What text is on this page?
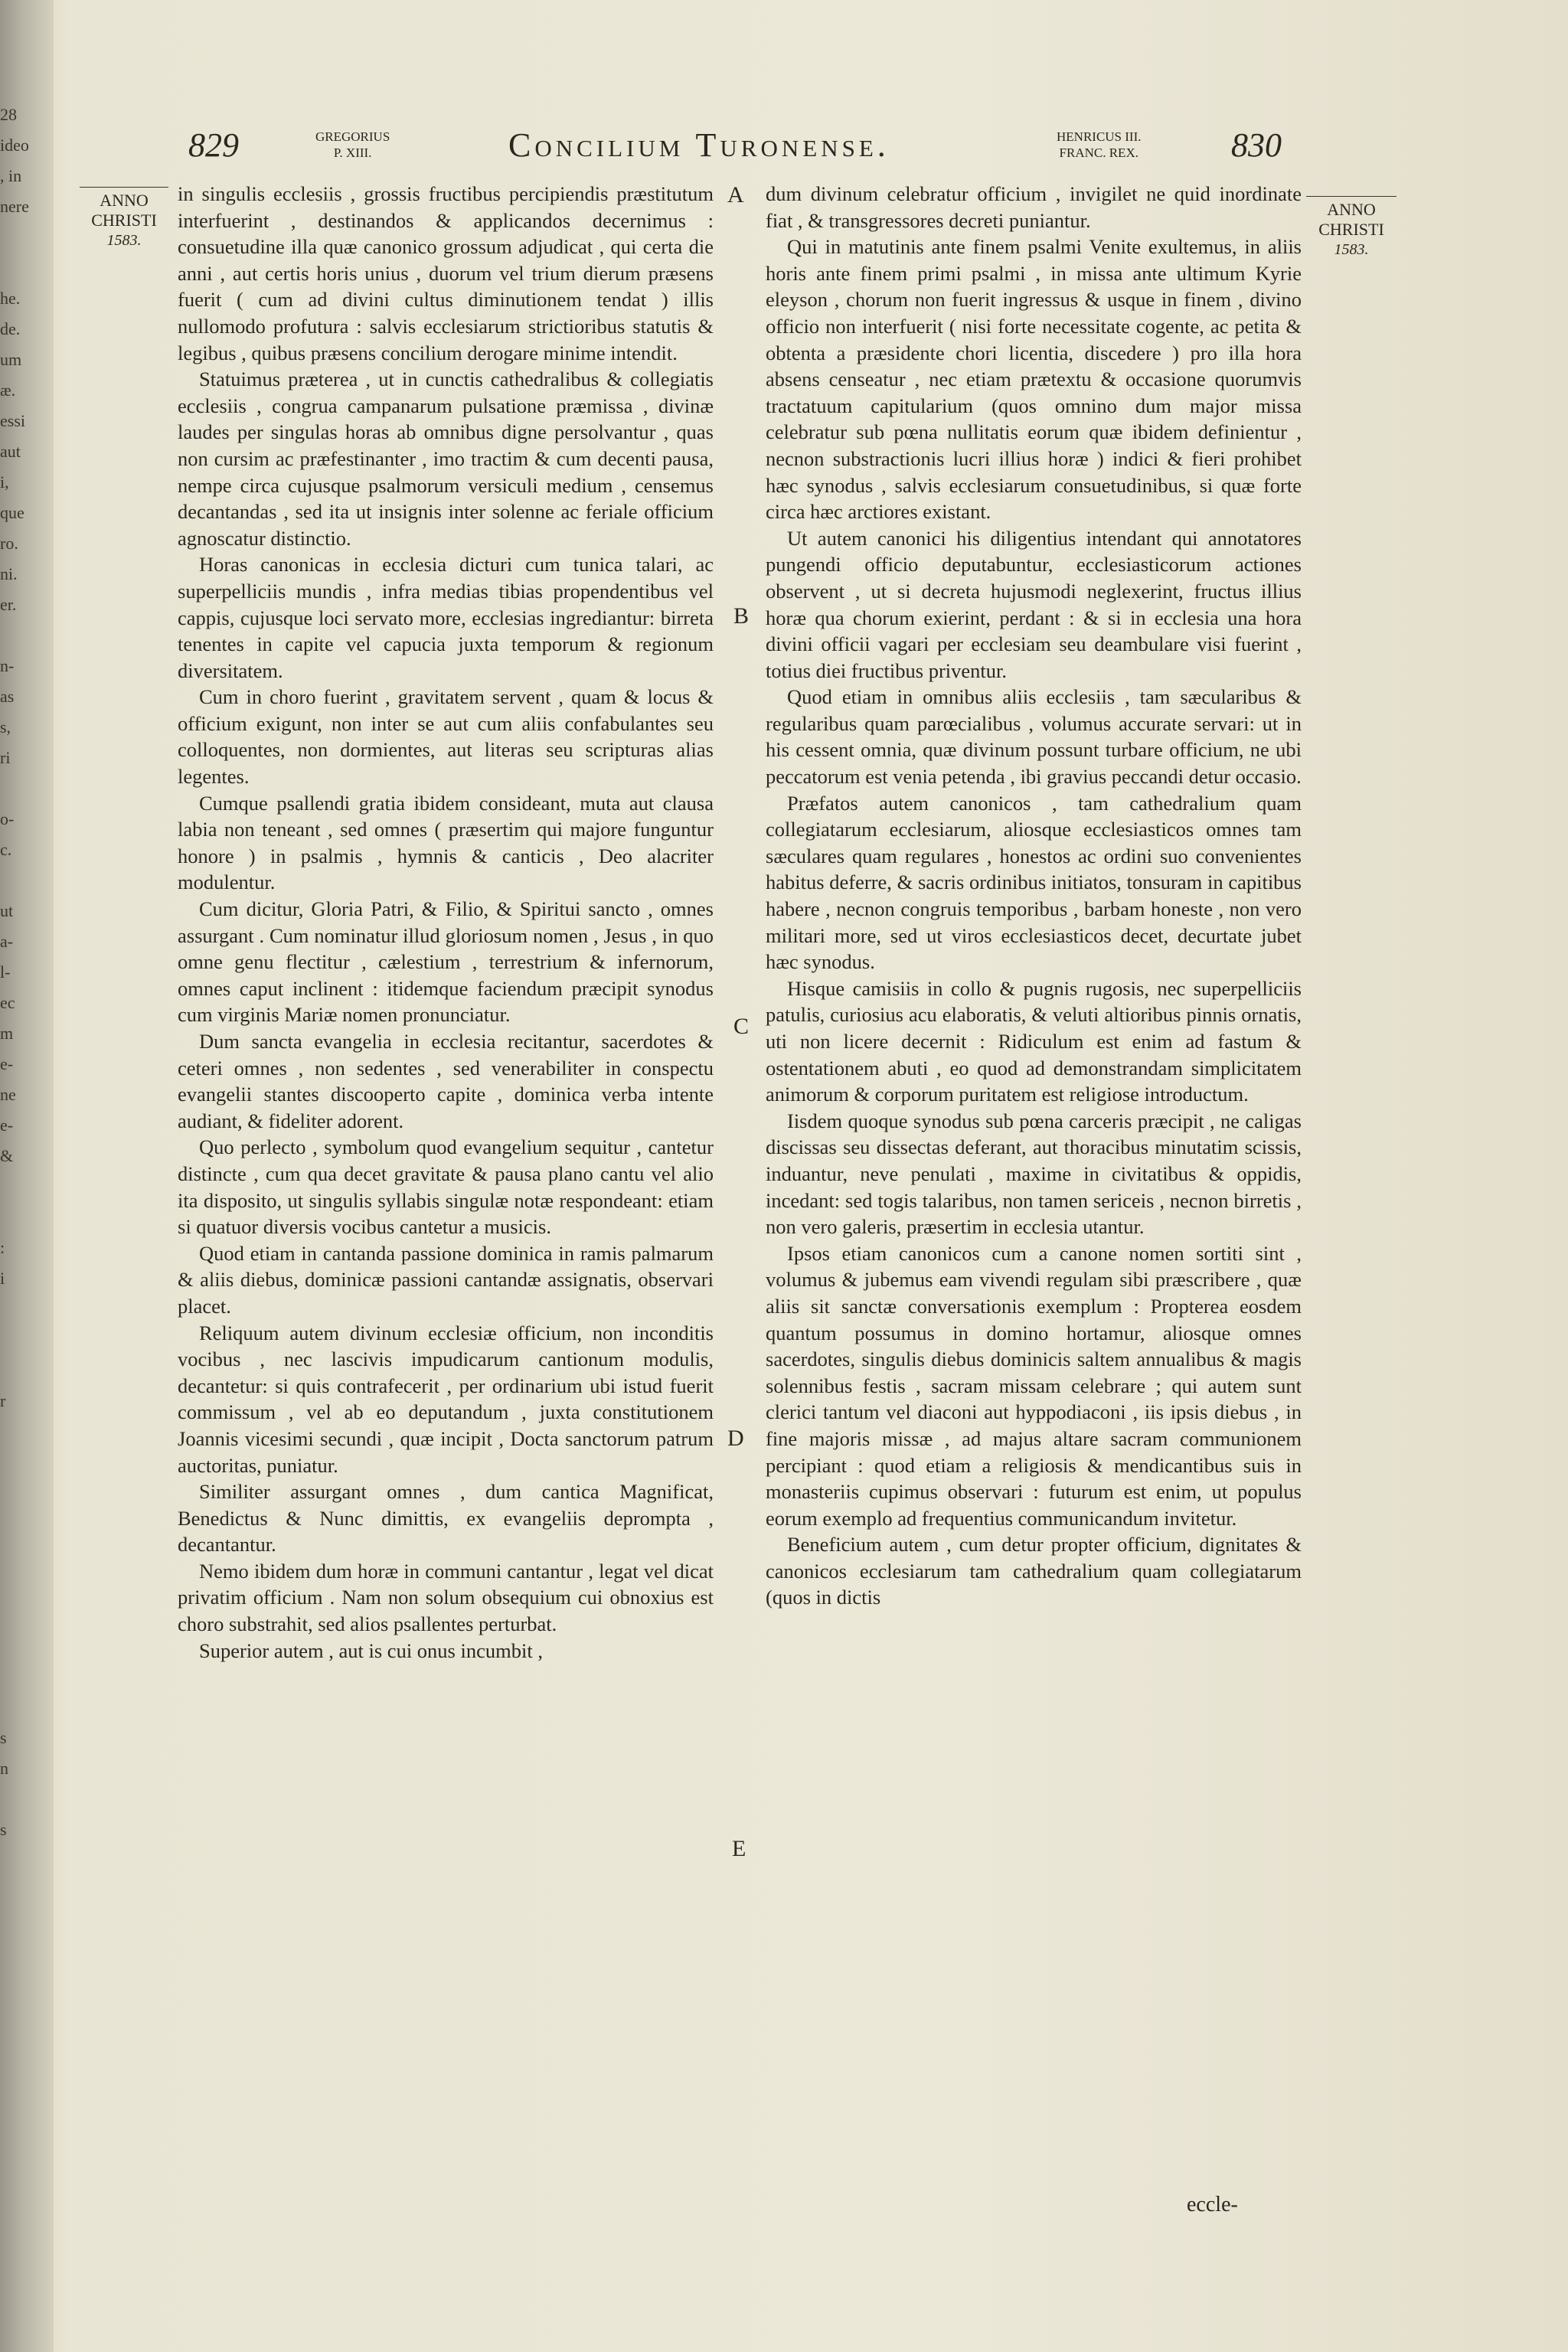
28
ideo
, in
nere

he.
de.
um
æ.
essi
aut
i,
que
ro.
ni.
er.

n-
as
s,
ri

o-
c.

ut
a-
l-
ec
m
e-
ne
e-
&

:
i

r

s
n

s
829	GREGORIUS
P. XIII.	Concilium Turonense.	HENRICUS III.
FRANC. REX.	830
ANNO
CHRISTI
1583.
ANNO
CHRISTI
1583.

in singulis ecclesiis , grossis fructibus percipiendis præstitutum interfuerint , destinandos & applicandos decernimus : consuetudine illa quæ canonico grossum adjudicat , qui certa die anni , aut certis horis unius , duorum vel trium dierum præsens fuerit ( cum ad divini cultus diminutionem tendat ) illis nullomodo profutura : salvis ecclesiarum strictioribus statutis & legibus , quibus præsens concilium derogare minime intendit.

Statuimus præterea , ut in cunctis cathedralibus & collegiatis ecclesiis , congrua campanarum pulsatione præmissa , divinæ laudes per singulas horas ab omnibus digne persolvantur , quas non cursim ac præfestinanter , imo tractim & cum decenti pausa, nempe circa cujusque psalmorum versiculi medium , censemus decantandas , sed ita ut insignis inter solenne ac feriale officium agnoscatur distinctio.

Horas canonicas in ecclesia dicturi cum tunica talari, ac superpelliciis mundis , infra medias tibias propendentibus vel cappis, cujusque loci servato more, ecclesias ingrediantur: birreta tenentes in capite vel capucia juxta temporum & regionum diversitatem.

Cum in choro fuerint , gravitatem servent , quam & locus & officium exigunt, non inter se aut cum aliis confabulantes seu colloquentes, non dormientes, aut literas seu scripturas alias legentes.

Cumque psallendi gratia ibidem consideant, muta aut clausa labia non teneant , sed omnes ( præsertim qui majore funguntur honore ) in psalmis , hymnis & canticis , Deo alacriter modulentur.

Cum dicitur, Gloria Patri, & Filio, & Spiritui sancto , omnes assurgant . Cum nominatur illud gloriosum nomen , Jesus , in quo omne genu flectitur , cælestium , terrestrium & infernorum, omnes caput inclinent : itidemque faciendum præcipit synodus cum virginis Mariæ nomen pronunciatur.

Dum sancta evangelia in ecclesia recitantur, sacerdotes & ceteri omnes , non sedentes , sed venerabiliter in conspectu evangelii stantes discooperto capite , dominica verba intente audiant, & fideliter adorent.

Quo perlecto , symbolum quod evangelium sequitur , cantetur distincte , cum qua decet gravitate & pausa plano cantu vel alio ita disposito, ut singulis syllabis singulæ notæ respondeant: etiam si quatuor diversis vocibus cantetur a musicis.

Quod etiam in cantanda passione dominica in ramis palmarum & aliis diebus, dominicæ passioni cantandæ assignatis, observari placet.

Reliquum autem divinum ecclesiæ officium, non inconditis vocibus , nec lascivis impudicarum cantionum modulis, decantetur: si quis contrafecerit , per ordinarium ubi istud fuerit commissum , vel ab eo deputandum , juxta constitutionem Joannis vicesimi secundi , quæ incipit , Docta sanctorum patrum auctoritas, puniatur.

Similiter assurgant omnes , dum cantica Magnificat, Benedictus & Nunc dimittis, ex evangeliis deprompta , decantantur.

Nemo ibidem dum horæ in communi cantantur , legat vel dicat privatim officium . Nam non solum obsequium cui obnoxius est choro substrahit, sed alios psallentes perturbat.

Superior autem , aut is cui onus incumbit ,

dum divinum celebratur officium , invigilet ne quid inordinate fiat , & transgressores decreti puniantur.

Qui in matutinis ante finem psalmi Venite exultemus, in aliis horis ante finem primi psalmi , in missa ante ultimum Kyrie eleyson , chorum non fuerit ingressus & usque in finem , divino officio non interfuerit ( nisi forte necessitate cogente, ac petita & obtenta a præsidente chori licentia, discedere ) pro illa hora absens censeatur , nec etiam prætextu & occasione quorumvis tractatuum capitularium (quos omnino dum major missa celebratur sub pœna nullitatis eorum quæ ibidem definientur , necnon substractionis lucri illius horæ ) indici & fieri prohibet hæc synodus , salvis ecclesiarum consuetudinibus, si quæ forte circa hæc arctiores existant.

Ut autem canonici his diligentius intendant qui annotatores pungendi officio deputabuntur, ecclesiasticorum actiones observent , ut si decreta hujusmodi neglexerint, fructus illius horæ qua chorum exierint, perdant : & si in ecclesia una hora divini officii vagari per ecclesiam seu deambulare visi fuerint , totius diei fructibus priventur.

Quod etiam in omnibus aliis ecclesiis , tam sæcularibus & regularibus quam parœcialibus , volumus accurate servari: ut in his cessent omnia, quæ divinum possunt turbare officium, ne ubi peccatorum est venia petenda , ibi gravius peccandi detur occasio.

Præfatos autem canonicos , tam cathedralium quam collegiatarum ecclesiarum, aliosque ecclesiasticos omnes tam sæculares quam regulares , honestos ac ordini suo convenientes habitus deferre, & sacris ordinibus initiatos, tonsuram in capitibus habere , necnon congruis temporibus , barbam honeste , non vero militari more, sed ut viros ecclesiasticos decet, decurtate jubet hæc synodus.

Hisque camisiis in collo & pugnis rugosis, nec superpelliciis patulis, curiosius acu elaboratis, & veluti altioribus pinnis ornatis, uti non licere decernit : Ridiculum est enim ad fastum & ostentationem abuti , eo quod ad demonstrandam simplicitatem animorum & corporum puritatem est religiose introductum.

Iisdem quoque synodus sub pœna carceris præcipit , ne caligas discissas seu dissectas deferant, aut thoracibus minutatim scissis, induantur, neve penulati , maxime in civitatibus & oppidis, incedant: sed togis talaribus, non tamen sericeis , necnon birretis , non vero galeris, præsertim in ecclesia utantur.

Ipsos etiam canonicos cum a canone nomen sortiti sint , volumus & jubemus eam vivendi regulam sibi præscribere , quæ aliis sit sanctæ conversationis exemplum : Propterea eosdem quantum possumus in domino hortamur, aliosque omnes sacerdotes, singulis diebus dominicis saltem annualibus & magis solennibus festis , sacram missam celebrare ; qui autem sunt clerici tantum vel diaconi aut hyppodiaconi , iis ipsis diebus , in fine majoris missæ , ad majus altare sacram communionem percipiant : quod etiam a religiosis & mendicantibus suis in monasteriis cupimus observari : futurum est enim, ut populus eorum exemplo ad frequentius communicandum invitetur.

Beneficium autem , cum detur propter officium, dignitates & canonicos ecclesiarum tam cathedralium quam collegiatarum (quos in dictis

A
B
C
D
E
eccle-
